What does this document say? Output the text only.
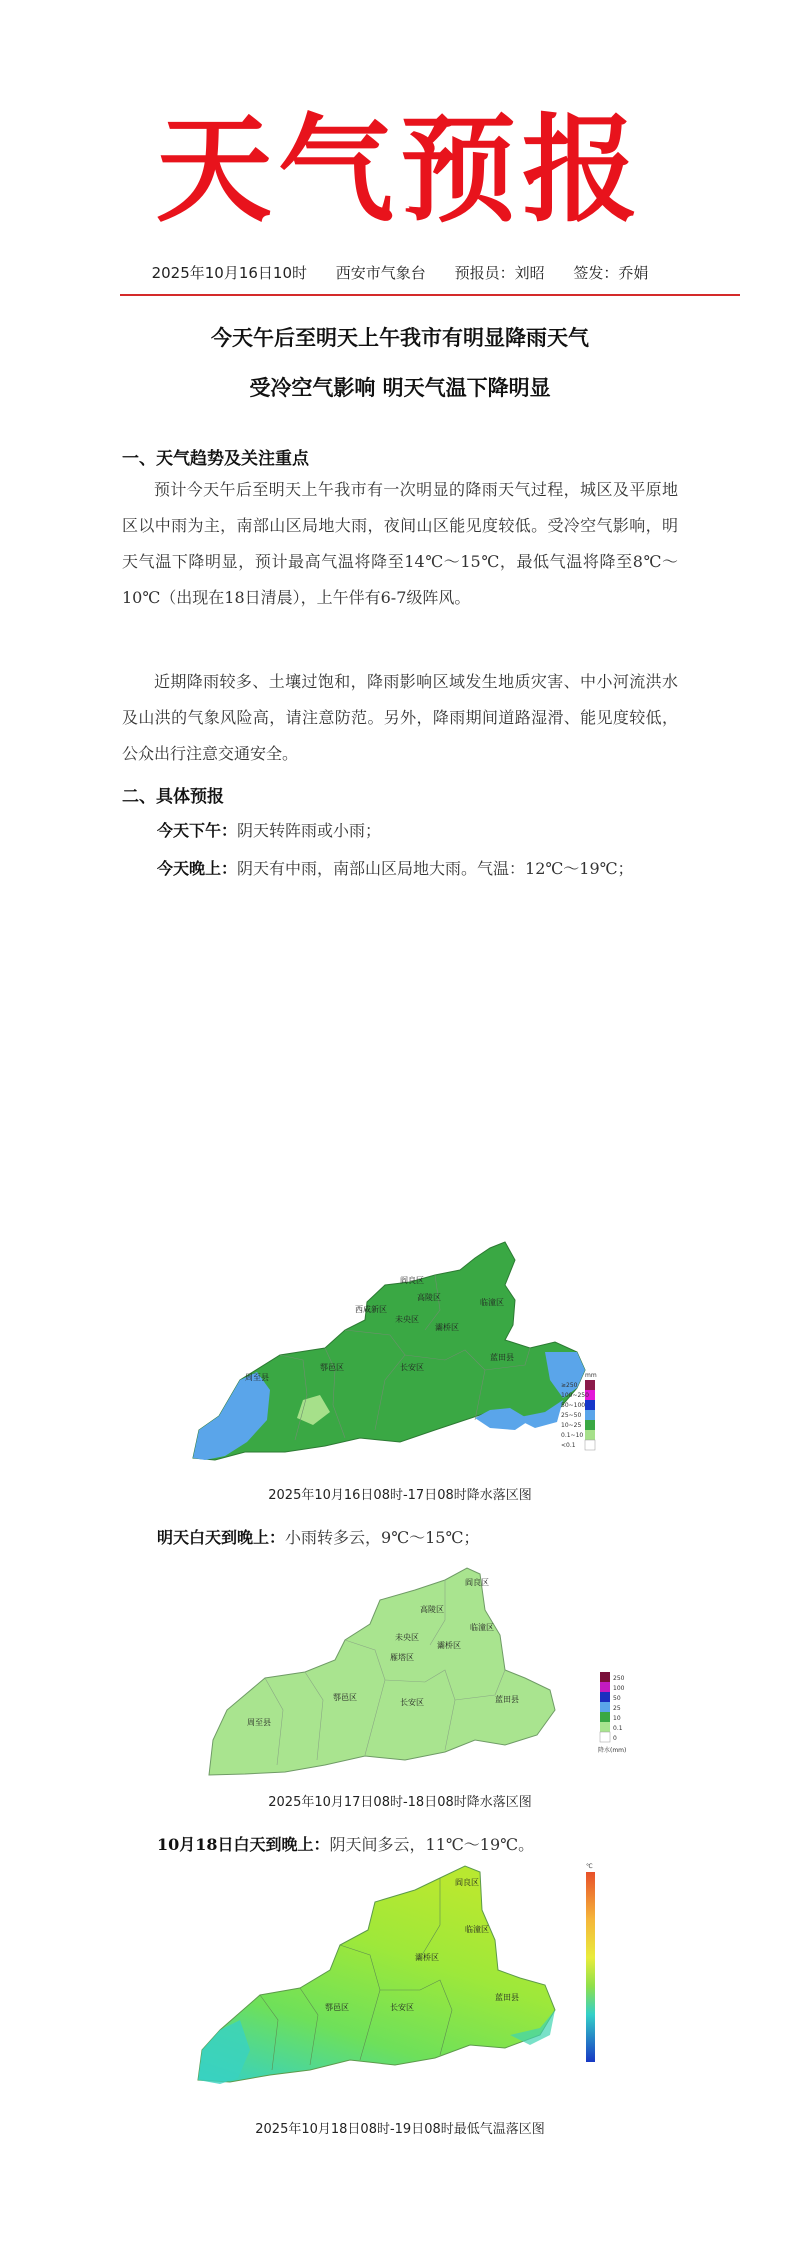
天气预报
2025年10月16日10时 西安市气象台 预报员：刘昭 签发：乔娟
今天午后至明天上午我市有明显降雨天气
受冷空气影响 明天气温下降明显
一、天气趋势及关注重点
预计今天午后至明天上午我市有一次明显的降雨天气过程，城区及平原地区以中雨为主，南部山区局地大雨，夜间山区能见度较低。受冷空气影响，明天气温下降明显，预计最高气温将降至14℃～15℃，最低气温将降至8℃～10℃（出现在18日清晨），上午伴有6-7级阵风。
近期降雨较多、土壤过饱和，降雨影响区域发生地质灾害、中小河流洪水及山洪的气象风险高，请注意防范。另外，降雨期间道路湿滑、能见度较低，公众出行注意交通安全。
二、具体预报
今天下午：阴天转阵雨或小雨；
今天晚上：阴天有中雨，南部山区局地大雨。气温：12℃～19℃；
周至县
阎良区
高陵区
临潼区
西咸新区
未央区
灞桥区
鄠邑区	长安区
蓝田县
mm
≥250
100~250
50~100
25~50
10~25
0.1~10
<0.1
2025年10月16日08时-17日08时降水落区图
明天白天到晚上：小雨转多云，9℃～15℃；
周至县
阎良区
高陵区
临潼区
未央区
灞桥区
雁塔区
鄠邑区
长安区	蓝田县
250
100
50
25
10
0.1
0
降水(mm)
2025年10月17日08时-18日08时降水落区图
10月18日白天到晚上：阴天间多云，11℃～19℃。
阎良区
临潼区
灞桥区
鄠邑区	长安区
蓝田县
℃
2025年10月18日08时-19日08时最低气温落区图
